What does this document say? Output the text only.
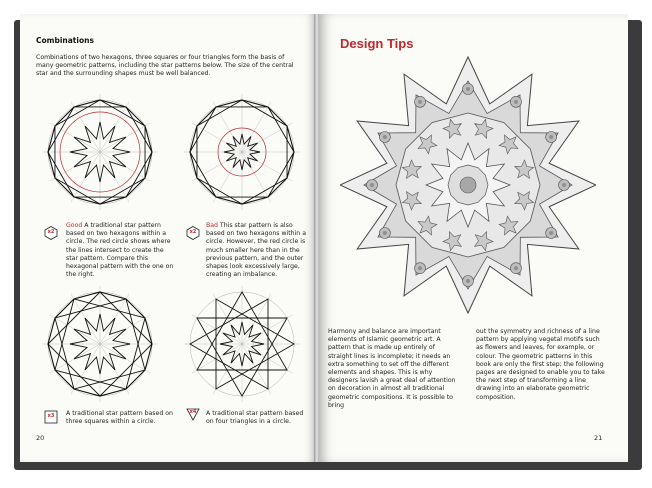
Combinations
Combinations of two hexagons, three squares or four triangles form the basis of many geometric patterns, including the star patterns below. The size of the central star and the surrounding shapes must be well balanced.
x2
Good A traditional star pattern based on two hexagons within a circle. The red circle shows where the lines intersect to create the star pattern. Compare this hexagonal pattern with the one on the right.
x2
Bad This star pattern is also based on two hexagons within a circle. However, the red circle is much smaller here than in the previous pattern, and the outer shapes look excessively large, creating an imbalance.
x3	A traditional star pattern based on three squares within a circle.
x4	A traditional star pattern based on four triangles in a circle.
20
Design Tips
Harmony and balance are important elements of Islamic geometric art. A pattern that is made up entirely of straight lines is incomplete; it needs an extra something to set off the different elements and shapes. This is why designers lavish a great deal of attention on decoration in almost all traditional geometric compositions. It is possible to bring
out the symmetry and richness of a line pattern by applying vegetal motifs such as flowers and leaves, for example, or colour. The geometric patterns in this book are only the first step; the following pages are designed to enable you to take the next step of transforming a line drawing into an elaborate geometric composition.
21
